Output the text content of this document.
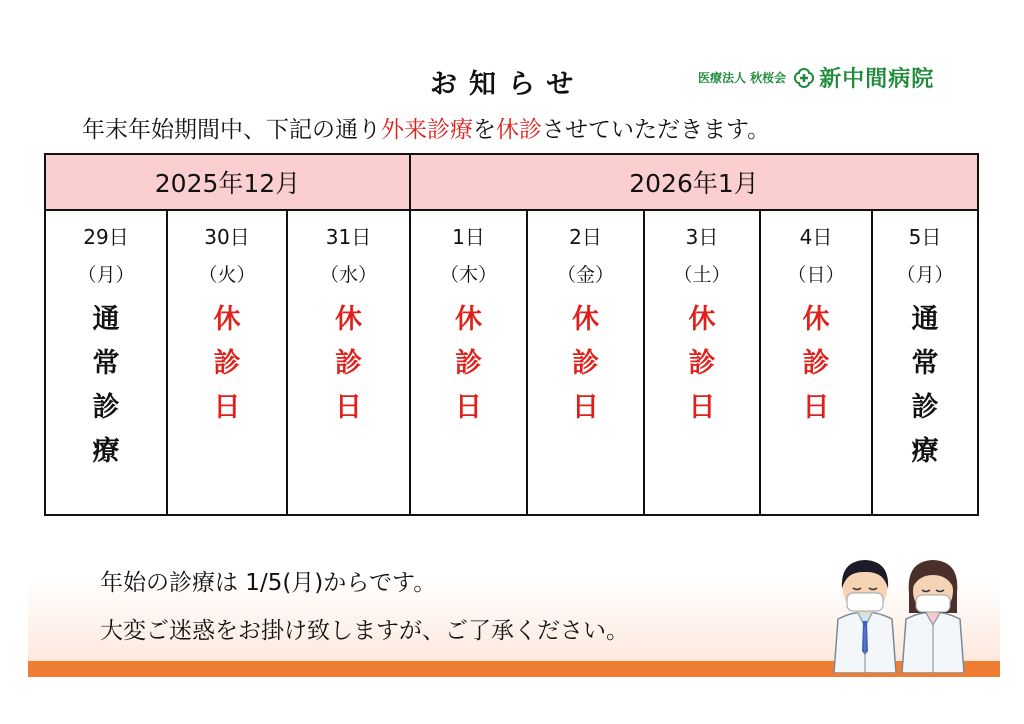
お知らせ	医療法人 秋桜会 新中間病院
年末年始期間中、下記の通り外来診療を休診させていただきます。
2025年12月	2026年1月
29日
（月）
通常診療
30日
（火）
休診日
31日
（水）
休診日
1日
（木）
休診日
2日
（金）
休診日
3日
（土）
休診日
4日
（日）
休診日
5日
（月）
通常診療
年始の診療は 1/5(月)からです。
大変ご迷惑をお掛け致しますが、ご了承ください。
